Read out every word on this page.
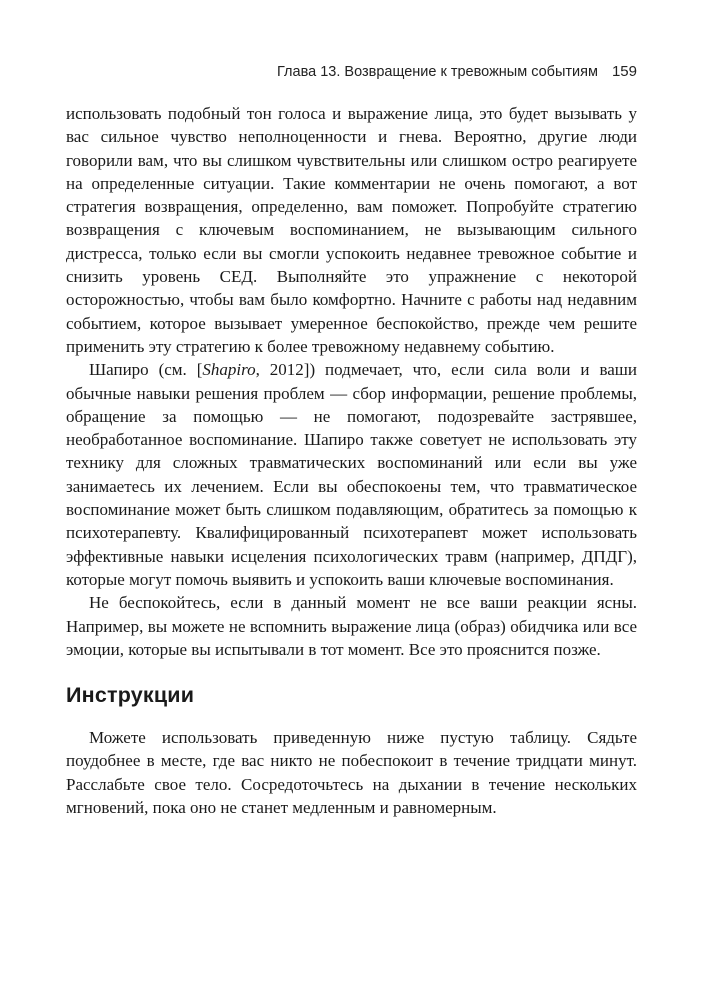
Глава 13. Возвращение к тревожным событиям 159

использовать подобный тон голоса и выражение лица, это будет вызывать у вас сильное чувство неполноценности и гнева. Вероятно, другие люди говорили вам, что вы слишком чувствительны или слишком остро реагируете на определенные ситуации. Такие комментарии не очень помогают, а вот стратегия возвращения, определенно, вам поможет. Попробуйте стратегию возвращения с ключевым воспоминанием, не вызывающим сильного дистресса, только если вы смогли успокоить недавнее тревожное событие и снизить уровень СЕД. Выполняйте это упражнение с некоторой осторожностью, чтобы вам было комфортно. Начните с работы над недавним событием, которое вызывает умеренное беспокойство, прежде чем решите применить эту стратегию к более тревожному недавнему событию.

Шапиро (см. [Shapiro, 2012]) подмечает, что, если сила воли и ваши обычные навыки решения проблем — сбор информации, решение проблемы, обращение за помощью — не помогают, подозревайте застрявшее, необработанное воспоминание. Шапиро также советует не использовать эту технику для сложных травматических воспоминаний или если вы уже занимаетесь их лечением. Если вы обеспокоены тем, что травматическое воспоминание может быть слишком подавляющим, обратитесь за помощью к психотерапевту. Квалифицированный психотерапевт может использовать эффективные навыки исцеления психологических травм (например, ДПДГ), которые могут помочь выявить и успокоить ваши ключевые воспоминания.

Не беспокойтесь, если в данный момент не все ваши реакции ясны. Например, вы можете не вспомнить выражение лица (образ) обидчика или все эмоции, которые вы испытывали в тот момент. Все это прояснится позже.

Инструкции

Можете использовать приведенную ниже пустую таблицу. Сядьте поудобнее в месте, где вас никто не побеспокоит в течение тридцати минут. Расслабьте свое тело. Сосредоточьтесь на дыхании в течение нескольких мгновений, пока оно не станет медленным и равномерным.
